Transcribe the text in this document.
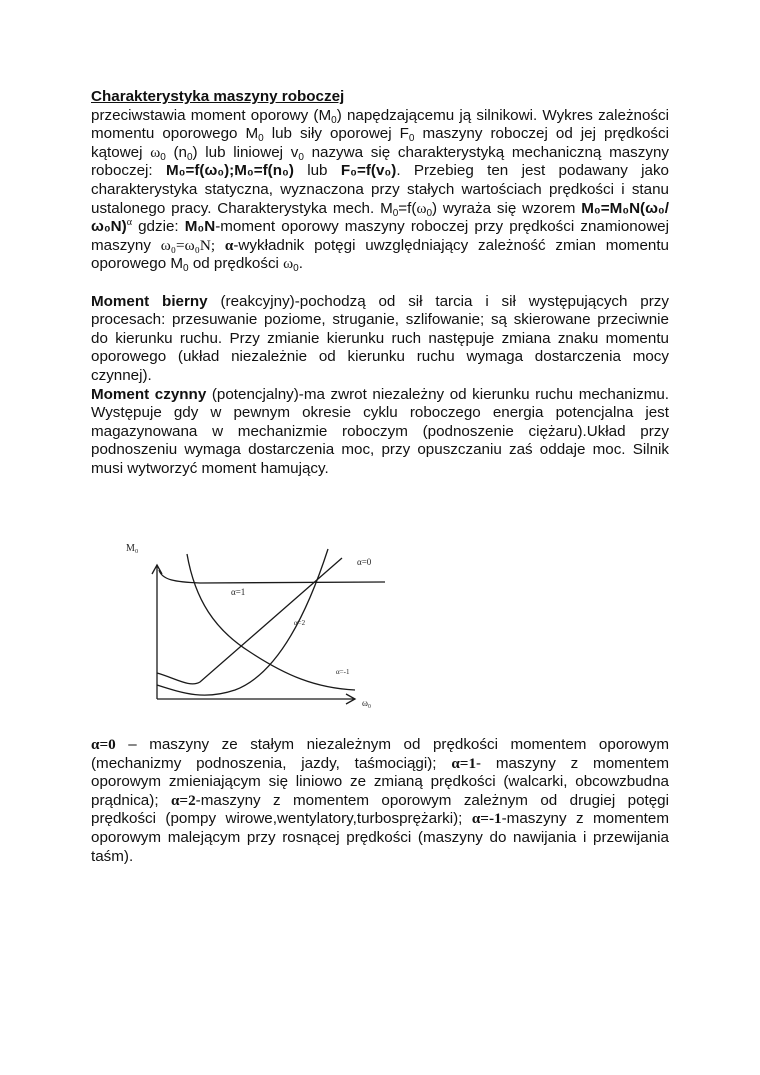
Charakterystyka maszyny roboczej

przeciwstawia moment oporowy $(M_0)$ napędzającemu ją silnikowi. Wykres zależności momentu oporowego $M_0$ lub siły oporowej $F_0$ maszyny roboczej od jej prędkości kątowej $\omega_0$ $(n_0)$ lub liniowej $v_0$ nazywa się charakterystyką mechaniczną maszyny roboczej: M₀=f(ω₀);M₀=f(n₀) lub F₀=f(v₀). Przebieg ten jest podawany jako charakterystyka statyczna, wyznaczona przy stałych wartościach prędkości i stanu ustalonego pracy. Charakterystyka mech. $M_0=f(\omega_0)$ wyraża się wzorem $M_0=M_0N(\omega_0/\omega_0N)^\alpha$ gdzie: M₀N-moment oporowy maszyny roboczej przy prędkości znamionowej maszyny ω₀=ω₀N; α-wykładnik potęgi uwzględniający zależność zmian momentu oporowego $M_0$ od prędkości $\omega_0$.

Moment bierny (reakcyjny)-pochodzą od sił tarcia i sił występujących przy procesach: przesuwanie poziome, struganie, szlifowanie; są skierowane przeciwnie do kierunku ruchu. Przy zmianie kierunku ruch następuje zmiana znaku momentu oporowego (układ niezależnie od kierunku ruchu wymaga dostarczenia mocy czynnej).

Moment czynny (potencjalny)-ma zwrot niezależny od kierunku ruchu mechanizmu. Występuje gdy w pewnym okresie cyklu roboczego energia potencjalna jest magazynowana w mechanizmie roboczym (podnoszenie ciężaru).Układ przy podnoszeniu wymaga dostarczenia moc, przy opuszczaniu zaś oddaje moc. Silnik musi wytworzyć moment hamujący.

M₀
ω₀
α=0
α=1
α=2
α=-1

α=0 – maszyny ze stałym niezależnym od prędkości momentem oporowym (mechanizmy podnoszenia, jazdy, taśmociągi); α=1- maszyny z momentem oporowym zmieniającym się liniowo ze zmianą prędkości (walcarki, obcowzbudna prądnica); α=2-maszyny z momentem oporowym zależnym od drugiej potęgi prędkości (pompy wirowe,wentylatory,turbosprężarki); α=-1-maszyny z momentem oporowym malejącym przy rosnącej prędkości (maszyny do nawijania i przewijania taśm).
